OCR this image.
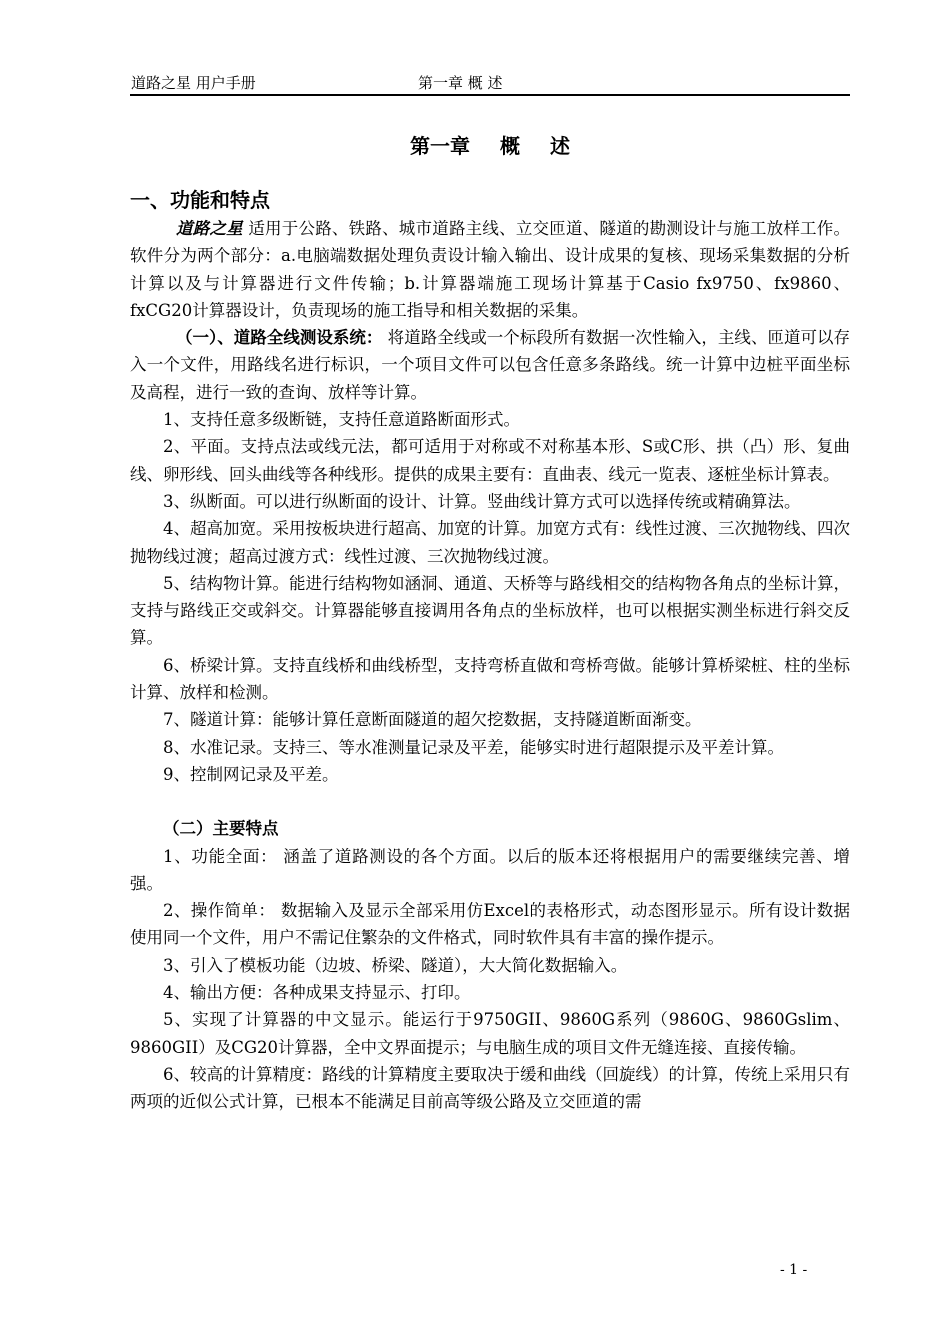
道路之星 用户手册	第一章 概 述
第一章 概 述
一、功能和特点

道路之星 适用于公路、铁路、城市道路主线、立交匝道、隧道的勘测设计与施工放样工作。软件分为两个部分：a.电脑端数据处理负责设计输入输出、设计成果的复核、现场采集数据的分析计算以及与计算器进行文件传输；b.计算器端施工现场计算基于Casio fx9750、fx9860、fxCG20计算器设计，负责现场的施工指导和相关数据的采集。

（一）、道路全线测设系统： 将道路全线或一个标段所有数据一次性输入，主线、匝道可以存入一个文件，用路线名进行标识，一个项目文件可以包含任意多条路线。统一计算中边桩平面坐标及高程，进行一致的查询、放样等计算。

1、支持任意多级断链，支持任意道路断面形式。

2、平面。支持点法或线元法，都可适用于对称或不对称基本形、S或C形、拱（凸）形、复曲线、卵形线、回头曲线等各种线形。提供的成果主要有：直曲表、线元一览表、逐桩坐标计算表。

3、纵断面。可以进行纵断面的设计、计算。竖曲线计算方式可以选择传统或精确算法。

4、超高加宽。采用按板块进行超高、加宽的计算。加宽方式有：线性过渡、三次抛物线、四次抛物线过渡；超高过渡方式：线性过渡、三次抛物线过渡。

5、结构物计算。能进行结构物如涵洞、通道、天桥等与路线相交的结构物各角点的坐标计算，支持与路线正交或斜交。计算器能够直接调用各角点的坐标放样，也可以根据实测坐标进行斜交反算。

6、桥梁计算。支持直线桥和曲线桥型，支持弯桥直做和弯桥弯做。能够计算桥梁桩、柱的坐标计算、放样和检测。

7、隧道计算：能够计算任意断面隧道的超欠挖数据，支持隧道断面渐变。

8、水准记录。支持三、等水准测量记录及平差，能够实时进行超限提示及平差计算。

9、控制网记录及平差。

（二）主要特点

1、功能全面： 涵盖了道路测设的各个方面。以后的版本还将根据用户的需要继续完善、增强。

2、操作简单： 数据输入及显示全部采用仿Excel的表格形式，动态图形显示。所有设计数据使用同一个文件，用户不需记住繁杂的文件格式，同时软件具有丰富的操作提示。

3、引入了模板功能（边坡、桥梁、隧道），大大简化数据输入。

4、输出方便：各种成果支持显示、打印。

5、实现了计算器的中文显示。能运行于9750GII、9860G系列（9860G、9860Gslim、9860GII）及CG20计算器，全中文界面提示；与电脑生成的项目文件无缝连接、直接传输。

6、较高的计算精度：路线的计算精度主要取决于缓和曲线（回旋线）的计算，传统上采用只有两项的近似公式计算，已根本不能满足目前高等级公路及立交匝道的需

- 1 -
